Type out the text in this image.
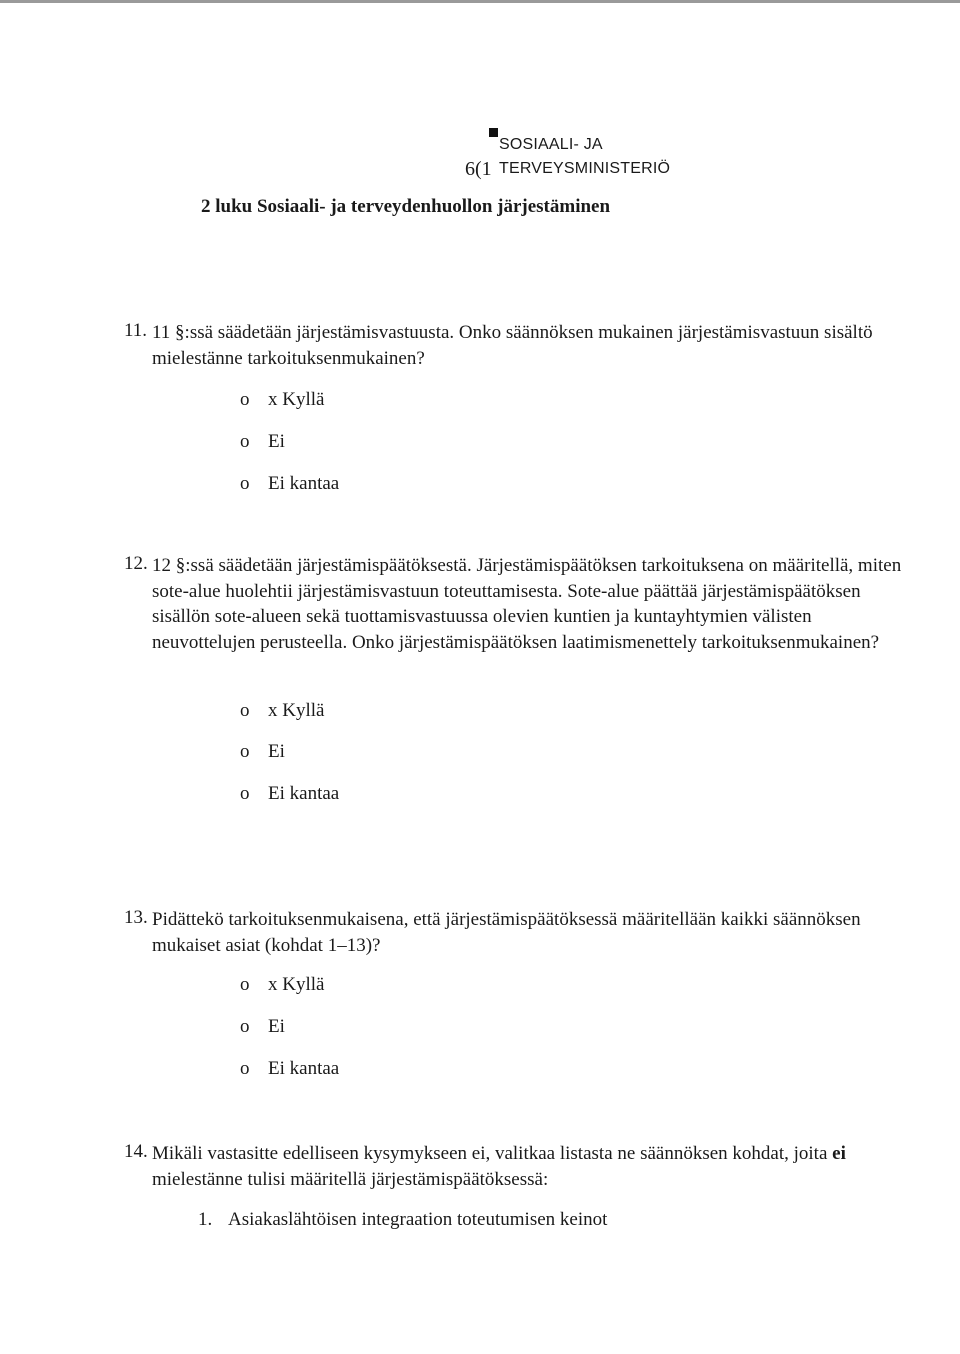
SOSIAALI- JA
6(1 TERVEYSMINISTERIÖ
2 luku Sosiaali- ja terveydenhuollon järjestäminen
11. 11 §:ssä säädetään järjestämisvastuusta. Onko säännöksen mukainen järjestämisvastuun sisältö mielestänne tarkoituksenmukainen?
o x Kyllä
o Ei
o Ei kantaa
12. 12 §:ssä säädetään järjestämispäätöksestä. Järjestämispäätöksen tarkoituksena on määritellä, miten sote-alue huolehtii järjestämisvastuun toteuttamisesta. Sote-alue päättää järjestämispäätöksen sisällön sote-alueen sekä tuottamisvastuussa olevien kuntien ja kuntayhtymien välisten neuvottelujen perusteella. Onko järjestämispäätöksen laatimismenettely tarkoituksenmukainen?
o x Kyllä
o Ei
o Ei kantaa
13. Pidättekö tarkoituksenmukaisena, että järjestämispäätöksessä määritellään kaikki säännöksen mukaiset asiat (kohdat 1–13)?
o x Kyllä
o Ei
o Ei kantaa
14. Mikäli vastasitte edelliseen kysymykseen ei, valitkaa listasta ne säännöksen kohdat, joita ei mielestänne tulisi määritellä järjestämispäätöksessä:
1. Asiakaslähtöisen integraation toteutumisen keinot
